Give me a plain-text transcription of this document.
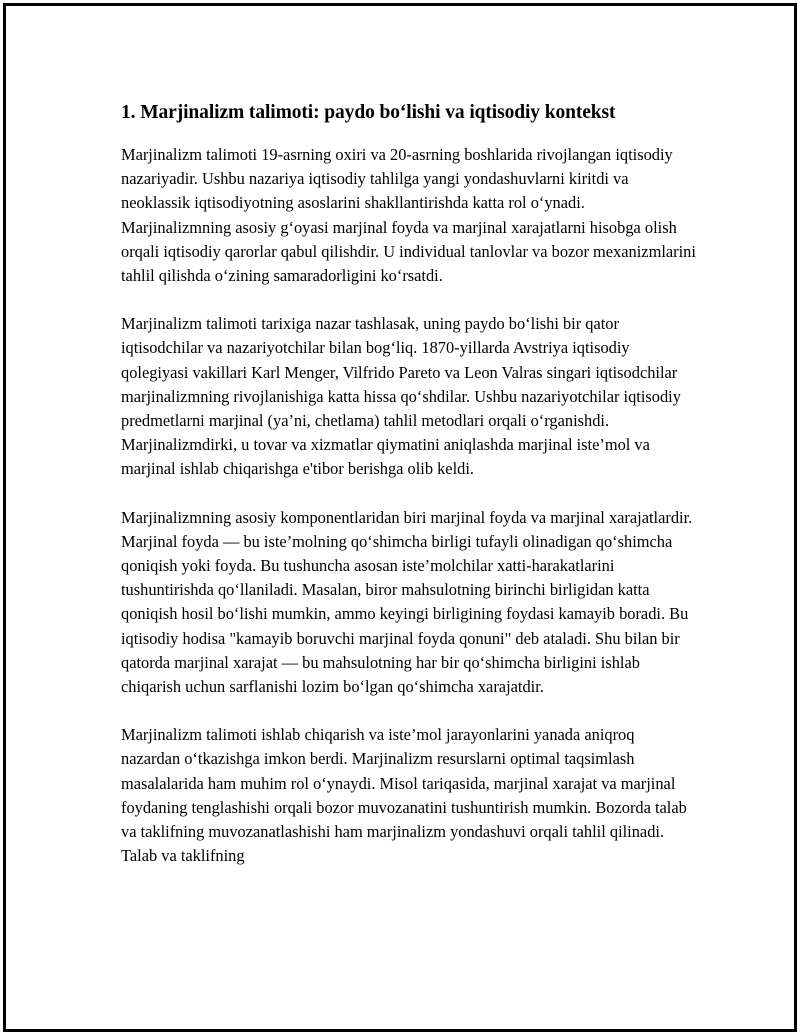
1. Marjinalizm talimoti: paydo bo‘lishi va iqtisodiy kontekst

Marjinalizm talimoti 19-asrning oxiri va 20-asrning boshlarida rivojlangan iqtisodiy nazariyadir. Ushbu nazariya iqtisodiy tahlilga yangi yondashuvlarni kiritdi va neoklassik iqtisodiyotning asoslarini shakllantirishda katta rol o‘ynadi. Marjinalizmning asosiy g‘oyasi marjinal foyda va marjinal xarajatlarni hisobga olish orqali iqtisodiy qarorlar qabul qilishdir. U individual tanlovlar va bozor mexanizmlarini tahlil qilishda o‘zining samaradorligini ko‘rsatdi.

Marjinalizm talimoti tarixiga nazar tashlasak, uning paydo bo‘lishi bir qator iqtisodchilar va nazariyotchilar bilan bog‘liq. 1870-yillarda Avstriya iqtisodiy qolegiyasi vakillari Karl Menger, Vilfrido Pareto va Leon Valras singari iqtisodchilar marjinalizmning rivojlanishiga katta hissa qo‘shdilar. Ushbu nazariyotchilar iqtisodiy predmetlarni marjinal (ya’ni, chetlama) tahlil metodlari orqali o‘rganishdi. Marjinalizmdirki, u tovar va xizmatlar qiymatini aniqlashda marjinal iste’mol va marjinal ishlab chiqarishga e'tibor berishga olib keldi.

Marjinalizmning asosiy komponentlaridan biri marjinal foyda va marjinal xarajatlardir. Marjinal foyda — bu iste’molning qo‘shimcha birligi tufayli olinadigan qo‘shimcha qoniqish yoki foyda. Bu tushuncha asosan iste’molchilar xatti-harakatlarini tushuntirishda qo‘llaniladi. Masalan, biror mahsulotning birinchi birligidan katta qoniqish hosil bo‘lishi mumkin, ammo keyingi birligining foydasi kamayib boradi. Bu iqtisodiy hodisa "kamayib boruvchi marjinal foyda qonuni" deb ataladi. Shu bilan bir qatorda marjinal xarajat — bu mahsulotning har bir qo‘shimcha birligini ishlab chiqarish uchun sarflanishi lozim bo‘lgan qo‘shimcha xarajatdir.

Marjinalizm talimoti ishlab chiqarish va iste’mol jarayonlarini yanada aniqroq nazardan o‘tkazishga imkon berdi. Marjinalizm resurslarni optimal taqsimlash masalalarida ham muhim rol o‘ynaydi. Misol tariqasida, marjinal xarajat va marjinal foydaning tenglashishi orqali bozor muvozanatini tushuntirish mumkin. Bozorda talab va taklifning muvozanatlashishi ham marjinalizm yondashuvi orqali tahlil qilinadi. Talab va taklifning
